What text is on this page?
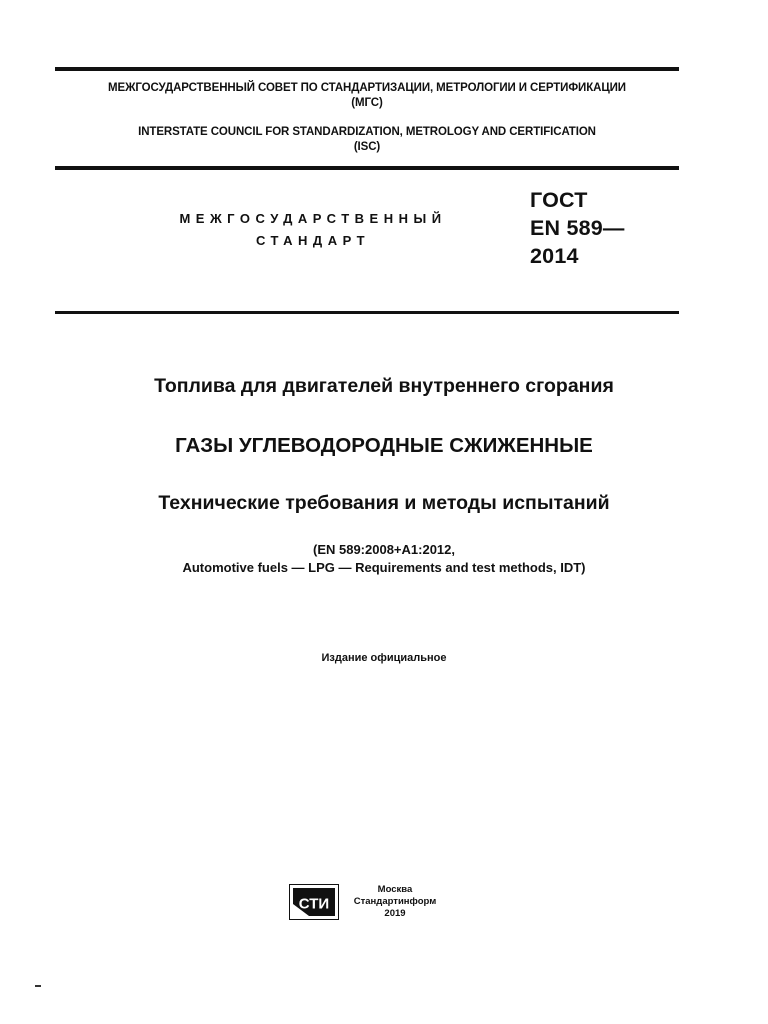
МЕЖГОСУДАРСТВЕННЫЙ СОВЕТ ПО СТАНДАРТИЗАЦИИ, МЕТРОЛОГИИ И СЕРТИФИКАЦИИ
(МГС)
INTERSTATE COUNCIL FOR STANDARDIZATION, METROLOGY AND CERTIFICATION
(ISC)
МЕЖГОСУДАРСТВЕННЫЙ
СТАНДАРТ
ГОСТ
EN 589—
2014
Топлива для двигателей внутреннего сгорания
ГАЗЫ УГЛЕВОДОРОДНЫЕ СЖИЖЕННЫЕ
Технические требования и методы испытаний
(EN 589:2008+A1:2012,
Automotive fuels — LPG — Requirements and test methods, IDT)
Издание официальное
СТИ
Москва
Стандартинформ
2019
